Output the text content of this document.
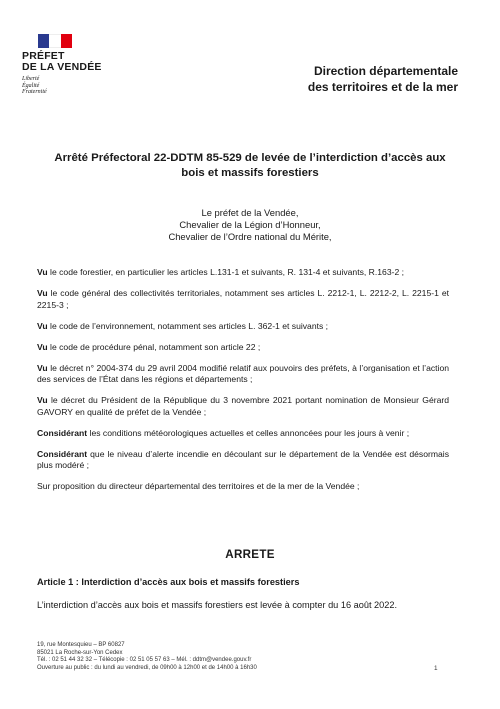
PRÉFET
DE LA VENDÉE
Liberté
Égalité
Fraternité
Direction départementale
des territoires et de la mer
Arrêté Préfectoral 22-DDTM 85-529 de levée de l’interdiction d’accès aux
bois et massifs forestiers
Le préfet de la Vendée,
Chevalier de la Légion d’Honneur,
Chevalier de l’Ordre national du Mérite,

Vu le code forestier, en particulier les articles L.131-1 et suivants, R. 131-4 et suivants, R.163-2 ;

Vu le code général des collectivités territoriales, notamment ses articles L. 2212-1, L. 2212-2, L. 2215-1 et 2215-3 ;

Vu le code de l’environnement, notamment ses articles L. 362-1 et suivants ;

Vu le code de procédure pénal, notamment son article 22 ;

Vu le décret n° 2004-374 du 29 avril 2004 modifié relatif aux pouvoirs des préfets, à l’organisation et l’action des services de l’État dans les régions et départements ;

Vu le décret du Président de la République du 3 novembre 2021 portant nomination de Monsieur Gérard GAVORY en qualité de préfet de la Vendée ;

Considérant les conditions météorologiques actuelles et celles annoncées pour les jours à venir ;

Considérant que le niveau d’alerte incendie en découlant sur le département de la Vendée est désormais plus modéré ;

Sur proposition du directeur départemental des territoires et de la mer de la Vendée ;

ARRETE
Article 1 : Interdiction d’accès aux bois et massifs forestiers
L’interdiction d’accès aux bois et massifs forestiers est levée à compter du 16 août 2022.
19, rue Montesquieu – BP 60827
85021 La Roche-sur-Yon Cedex
Tél. : 02 51 44 32 32 – Télécopie : 02 51 05 57 63 – Mél. : ddtm@vendee.gouv.fr
Ouverture au public : du lundi au vendredi, de 09h00 à 12h00 et de 14h00 à 16h30	1
